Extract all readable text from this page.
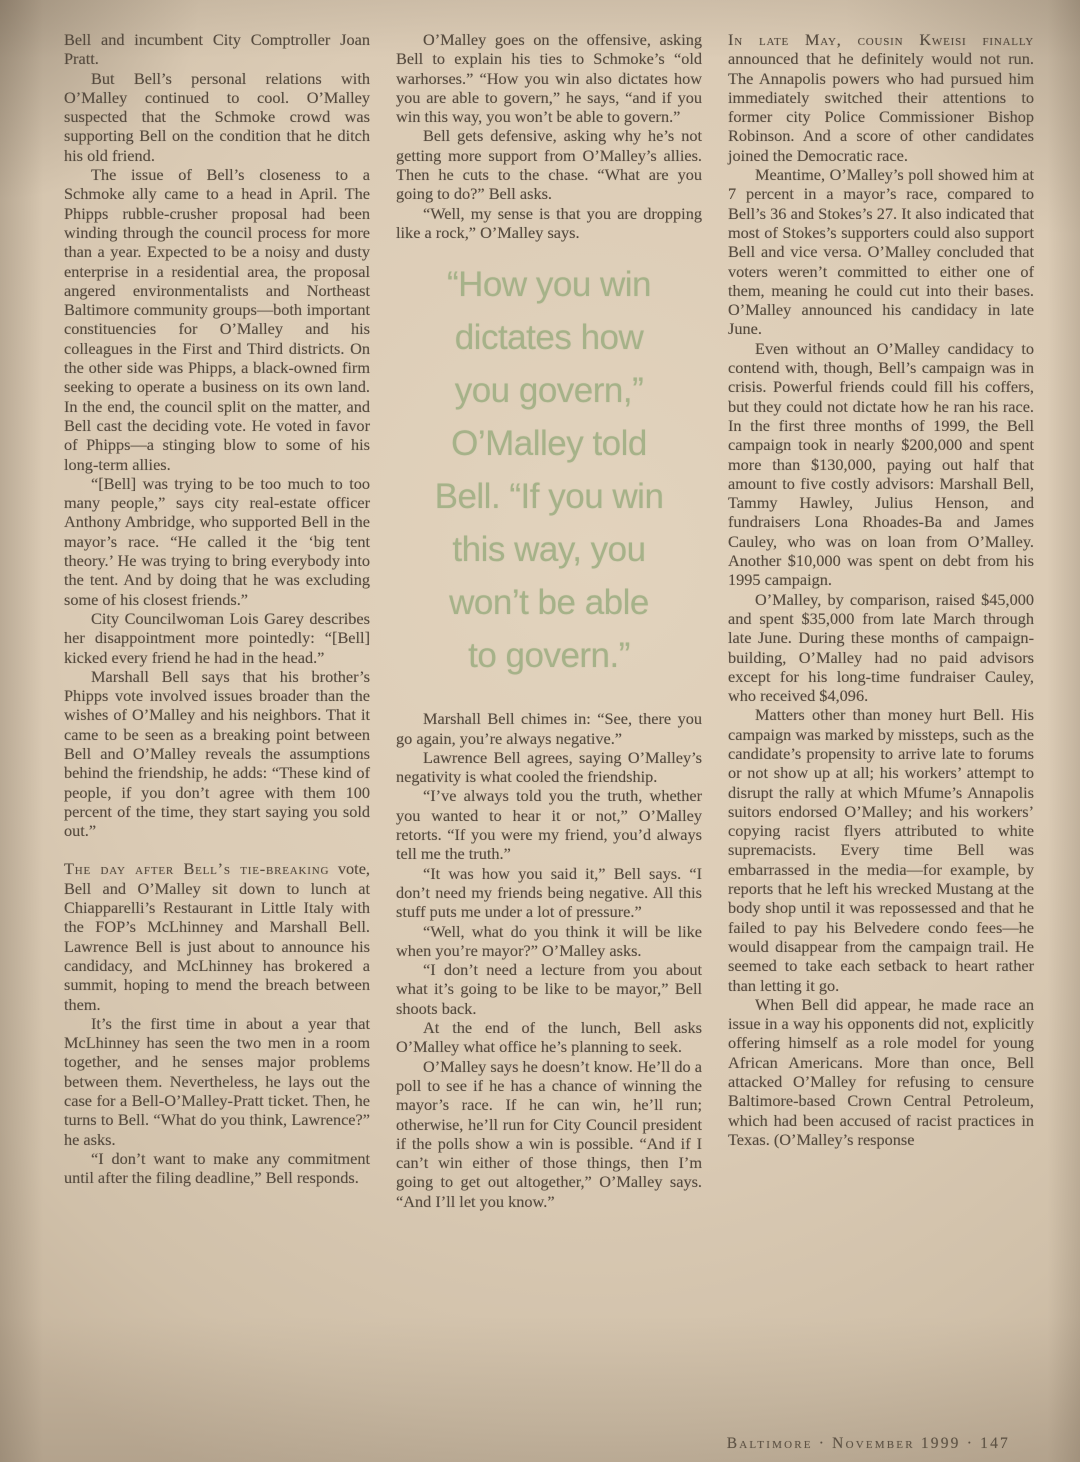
Bell and incumbent City Comptroller Joan Pratt.

But Bell’s personal relations with O’Malley continued to cool. O’Malley suspected that the Schmoke crowd was supporting Bell on the condition that he ditch his old friend.

The issue of Bell’s closeness to a Schmoke ally came to a head in April. The Phipps rubble-crusher proposal had been winding through the council process for more than a year. Expected to be a noisy and dusty enterprise in a residential area, the proposal angered environmentalists and Northeast Baltimore community groups—both important constituencies for O’Malley and his colleagues in the First and Third districts. On the other side was Phipps, a black-owned firm seeking to operate a business on its own land. In the end, the council split on the matter, and Bell cast the deciding vote. He voted in favor of Phipps—a stinging blow to some of his long-term allies.

“[Bell] was trying to be too much to too many people,” says city real-estate officer Anthony Ambridge, who supported Bell in the mayor’s race. “He called it the ‘big tent theory.’ He was trying to bring everybody into the tent. And by doing that he was excluding some of his closest friends.”

City Councilwoman Lois Garey describes her disappointment more pointedly: “[Bell] kicked every friend he had in the head.”

Marshall Bell says that his brother’s Phipps vote involved issues broader than the wishes of O’Malley and his neighbors. That it came to be seen as a breaking point between Bell and O’Malley reveals the assumptions behind the friendship, he adds: “These kind of people, if you don’t agree with them 100 percent of the time, they start saying you sold out.”

The day after Bell’s tie-breaking vote, Bell and O’Malley sit down to lunch at Chiapparelli’s Restaurant in Little Italy with the FOP’s McLhinney and Marshall Bell. Lawrence Bell is just about to announce his candidacy, and McLhinney has brokered a summit, hoping to mend the breach between them.

It’s the first time in about a year that McLhinney has seen the two men in a room together, and he senses major problems between them. Nevertheless, he lays out the case for a Bell-O’Malley-Pratt ticket. Then, he turns to Bell. “What do you think, Lawrence?” he asks.

“I don’t want to make any commitment until after the filing deadline,” Bell responds.

O’Malley goes on the offensive, asking Bell to explain his ties to Schmoke’s “old warhorses.” “How you win also dictates how you are able to govern,” he says, “and if you win this way, you won’t be able to govern.”

Bell gets defensive, asking why he’s not getting more support from O’Malley’s allies. Then he cuts to the chase. “What are you going to do?” Bell asks.

“Well, my sense is that you are dropping like a rock,” O’Malley says.

“How you win
dictates how
you govern,”
O’Malley told
Bell. “If you win
this way, you
won’t be able
to govern.”

Marshall Bell chimes in: “See, there you go again, you’re always negative.”

Lawrence Bell agrees, saying O’Malley’s negativity is what cooled the friendship.

“I’ve always told you the truth, whether you wanted to hear it or not,” O’Malley retorts. “If you were my friend, you’d always tell me the truth.”

“It was how you said it,” Bell says. “I don’t need my friends being negative. All this stuff puts me under a lot of pressure.”

“Well, what do you think it will be like when you’re mayor?” O’Malley asks.

“I don’t need a lecture from you about what it’s going to be like to be mayor,” Bell shoots back.

At the end of the lunch, Bell asks O’Malley what office he’s planning to seek.

O’Malley says he doesn’t know. He’ll do a poll to see if he has a chance of winning the mayor’s race. If he can win, he’ll run; otherwise, he’ll run for City Council president if the polls show a win is possible. “And if I can’t win either of those things, then I’m going to get out altogether,” O’Malley says. “And I’ll let you know.”

In late May, cousin Kweisi finally announced that he definitely would not run. The Annapolis powers who had pursued him immediately switched their attentions to former city Police Commissioner Bishop Robinson. And a score of other candidates joined the Democratic race.

Meantime, O’Malley’s poll showed him at 7 percent in a mayor’s race, compared to Bell’s 36 and Stokes’s 27. It also indicated that most of Stokes’s supporters could also support Bell and vice versa. O’Malley concluded that voters weren’t committed to either one of them, meaning he could cut into their bases. O’Malley announced his candidacy in late June.

Even without an O’Malley candidacy to contend with, though, Bell’s campaign was in crisis. Powerful friends could fill his coffers, but they could not dictate how he ran his race. In the first three months of 1999, the Bell campaign took in nearly $200,000 and spent more than $130,000, paying out half that amount to five costly advisors: Marshall Bell, Tammy Hawley, Julius Henson, and fundraisers Lona Rhoades-Ba and James Cauley, who was on loan from O’Malley. Another $10,000 was spent on debt from his 1995 campaign.

O’Malley, by comparison, raised $45,000 and spent $35,000 from late March through late June. During these months of campaign-building, O’Malley had no paid advisors except for his long-time fundraiser Cauley, who received $4,096.

Matters other than money hurt Bell. His campaign was marked by missteps, such as the candidate’s propensity to arrive late to forums or not show up at all; his workers’ attempt to disrupt the rally at which Mfume’s Annapolis suitors endorsed O’Malley; and his workers’ copying racist flyers attributed to white supremacists. Every time Bell was embarrassed in the media—for example, by reports that he left his wrecked Mustang at the body shop until it was repossessed and that he failed to pay his Belvedere condo fees—he would disappear from the campaign trail. He seemed to take each setback to heart rather than letting it go.

When Bell did appear, he made race an issue in a way his opponents did not, explicitly offering himself as a role model for young African Americans. More than once, Bell attacked O’Malley for refusing to censure Baltimore-based Crown Central Petroleum, which had been accused of racist practices in Texas. (O’Malley’s response

Baltimore · November 1999 · 147
